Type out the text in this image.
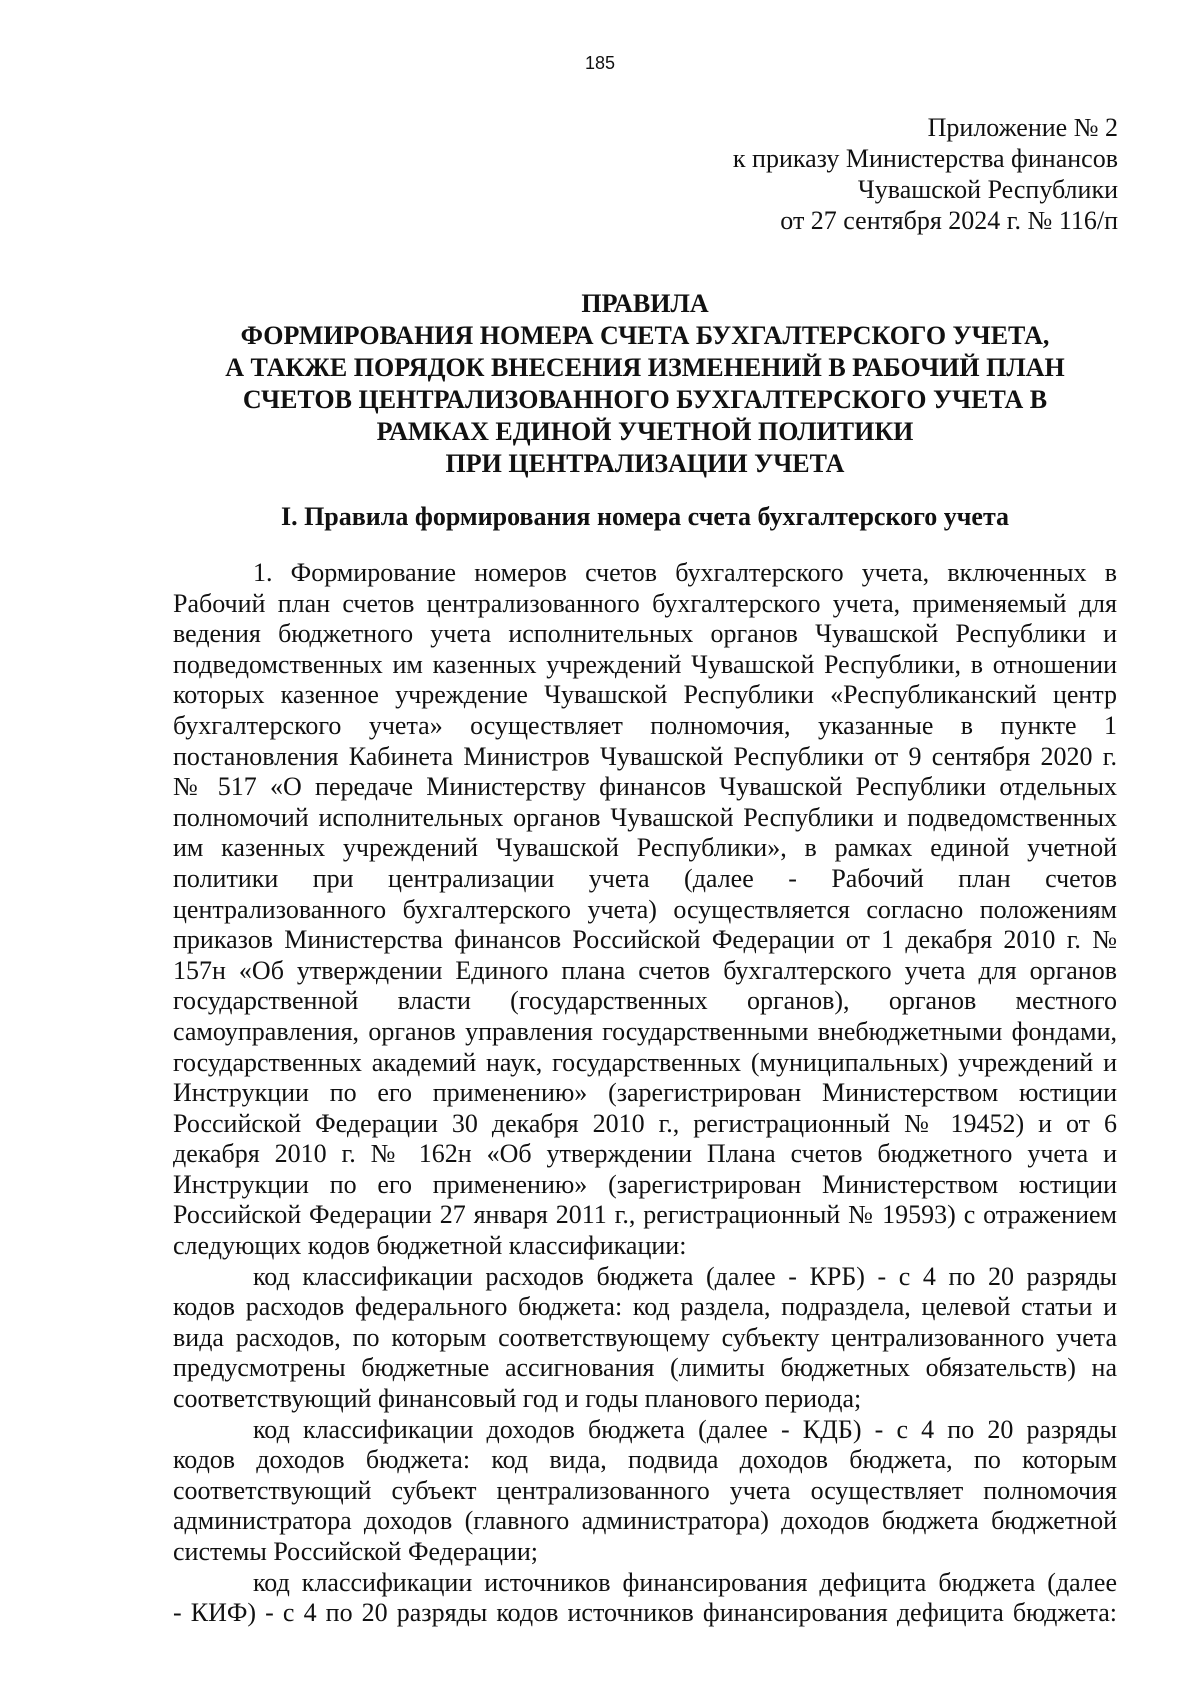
185
Приложение № 2
к приказу Министерства финансов
Чувашской Республики
от 27 сентября 2024 г. № 116/п
ПРАВИЛА
ФОРМИРОВАНИЯ НОМЕРА СЧЕТА БУХГАЛТЕРСКОГО УЧЕТА,
А ТАКЖЕ ПОРЯДОК ВНЕСЕНИЯ ИЗМЕНЕНИЙ В РАБОЧИЙ ПЛАН
СЧЕТОВ ЦЕНТРАЛИЗОВАННОГО БУХГАЛТЕРСКОГО УЧЕТА В
РАМКАХ ЕДИНОЙ УЧЕТНОЙ ПОЛИТИКИ
ПРИ ЦЕНТРАЛИЗАЦИИ УЧЕТА
I. Правила формирования номера счета бухгалтерского учета
1. Формирование номеров счетов бухгалтерского учета, включенных в
Рабочий план счетов централизованного бухгалтерского учета, применяемый для
ведения бюджетного учета исполнительных органов Чувашской Республики и
подведомственных им казенных учреждений Чувашской Республики, в отношении
которых казенное учреждение Чувашской Республики «Республиканский центр
бухгалтерского учета» осуществляет полномочия, указанные в пункте 1
постановления Кабинета Министров Чувашской Республики от 9 сентября 2020 г.
№ 517 «О передаче Министерству финансов Чувашской Республики отдельных
полномочий исполнительных органов Чувашской Республики и подведомственных
им казенных учреждений Чувашской Республики», в рамках единой учетной
политики при централизации учета (далее - Рабочий план счетов
централизованного бухгалтерского учета) осуществляется согласно положениям
приказов Министерства финансов Российской Федерации от 1 декабря 2010 г. №
157н «Об утверждении Единого плана счетов бухгалтерского учета для органов
государственной власти (государственных органов), органов местного
самоуправления, органов управления государственными внебюджетными фондами,
государственных академий наук, государственных (муниципальных) учреждений и
Инструкции по его применению» (зарегистрирован Министерством юстиции
Российской Федерации 30 декабря 2010 г., регистрационный № 19452) и от 6
декабря 2010 г. № 162н «Об утверждении Плана счетов бюджетного учета и
Инструкции по его применению» (зарегистрирован Министерством юстиции
Российской Федерации 27 января 2011 г., регистрационный № 19593) с отражением
следующих кодов бюджетной классификации:
код классификации расходов бюджета (далее - КРБ) - с 4 по 20 разряды
кодов расходов федерального бюджета: код раздела, подраздела, целевой статьи и
вида расходов, по которым соответствующему субъекту централизованного учета
предусмотрены бюджетные ассигнования (лимиты бюджетных обязательств) на
соответствующий финансовый год и годы планового периода;
код классификации доходов бюджета (далее - КДБ) - с 4 по 20 разряды
кодов доходов бюджета: код вида, подвида доходов бюджета, по которым
соответствующий субъект централизованного учета осуществляет полномочия
администратора доходов (главного администратора) доходов бюджета бюджетной
системы Российской Федерации;
код классификации источников финансирования дефицита бюджета (далее
- КИФ) - с 4 по 20 разряды кодов источников финансирования дефицита бюджета:
